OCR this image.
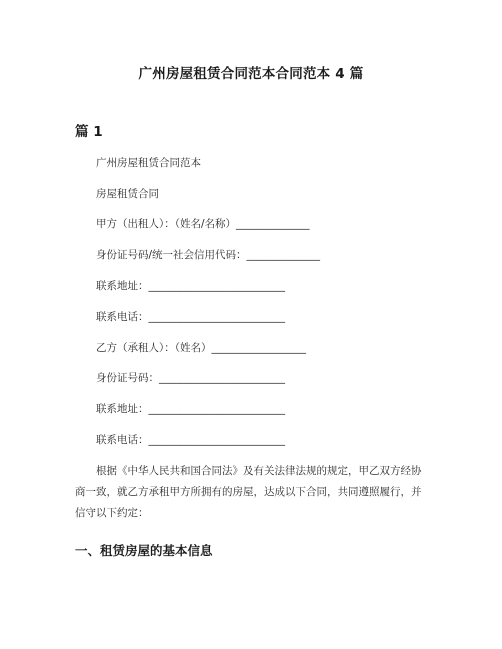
广州房屋租赁合同范本合同范本 4 篇
篇 1
广州房屋租赁合同范本
房屋租赁合同
甲方（出租人）：（姓名/名称）______________
身份证号码/统一社会信用代码：______________
联系地址：__________________________
联系电话：__________________________
乙方（承租人）：（姓名）__________________
身份证号码：________________________
联系地址：__________________________
联系电话：__________________________
根据《中华人民共和国合同法》及有关法律法规的规定，甲乙双方经协商一致，就乙方承租甲方所拥有的房屋，达成以下合同，共同遵照履行，并信守以下约定：
一、租赁房屋的基本信息
